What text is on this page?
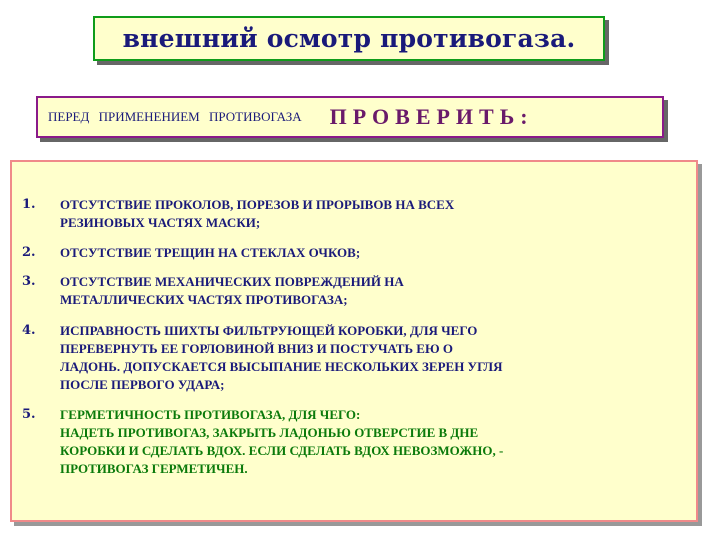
внешний осмотр противогаза.
ПЕРЕД ПРИМЕНЕНИЕМ ПРОТИВОГАЗА ПРОВЕРИТЬ:
1.	ОТСУТСТВИЕ ПРОКОЛОВ, ПОРЕЗОВ И ПРОРЫВОВ НА ВСЕХ
РЕЗИНОВЫХ ЧАСТЯХ МАСКИ;
2.	ОТСУТСТВИЕ ТРЕЩИН НА СТЕКЛАХ ОЧКОВ;
3.	ОТСУТСТВИЕ МЕХАНИЧЕСКИХ ПОВРЕЖДЕНИЙ НА
МЕТАЛЛИЧЕСКИХ ЧАСТЯХ ПРОТИВОГАЗА;
4.	ИСПРАВНОСТЬ ШИХТЫ ФИЛЬТРУЮЩЕЙ КОРОБКИ, ДЛЯ ЧЕГО
ПЕРЕВЕРНУТЬ ЕЕ ГОРЛОВИНОЙ ВНИЗ И ПОСТУЧАТЬ ЕЮ О
ЛАДОНЬ. ДОПУСКАЕТСЯ ВЫСЫПАНИЕ НЕСКОЛЬКИХ ЗЕРЕН УГЛЯ
ПОСЛЕ ПЕРВОГО УДАРА;
5.	ГЕРМЕТИЧНОСТЬ ПРОТИВОГАЗА, ДЛЯ ЧЕГО:
НАДЕТЬ ПРОТИВОГАЗ, ЗАКРЫТЬ ЛАДОНЬЮ ОТВЕРСТИЕ В ДНЕ
КОРОБКИ И СДЕЛАТЬ ВДОХ. ЕСЛИ СДЕЛАТЬ ВДОХ НЕВОЗМОЖНО, -
ПРОТИВОГАЗ ГЕРМЕТИЧЕН.
